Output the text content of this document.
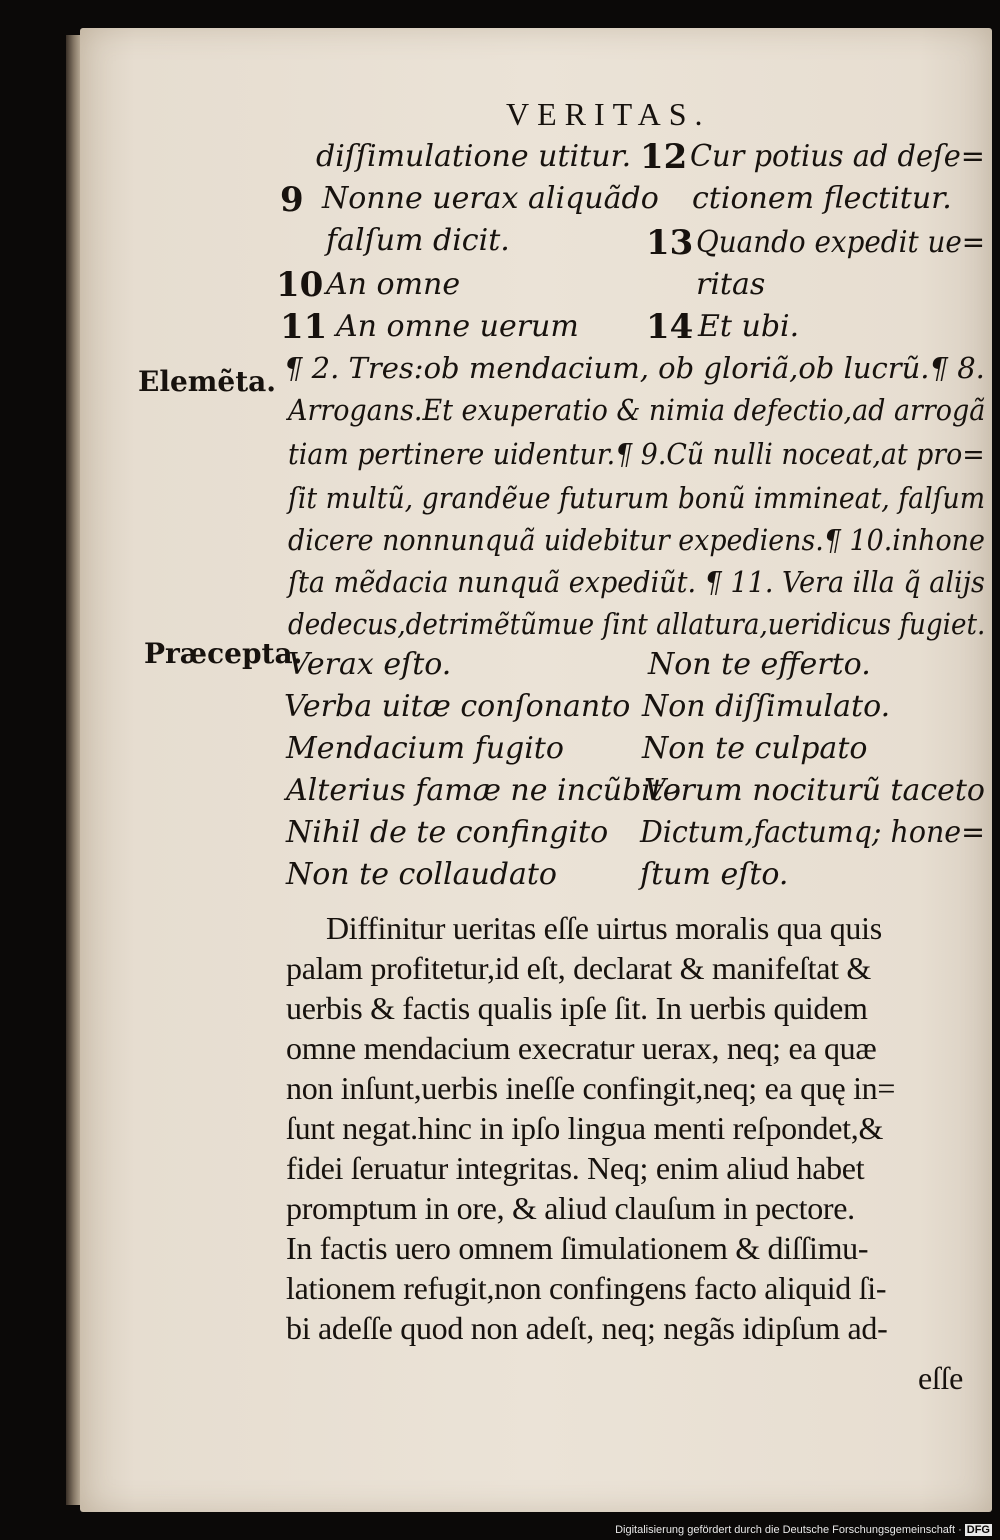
VERITAS.
diſſimulatione utitur.
9 Nonne uerax aliquãdo
falſum dicit.
10 An omne
11 An omne uerum
12 Cur potius ad deſe=
ctionem flectitur.
13 Quando expedit ue=
ritas
14 Et ubi.
Elemẽta. ¶ 2. Tres:ob mendacium, ob gloriã,ob lucrũ.¶ 8.
Arrogans.Et exuperatio & nimia defectio,ad arrogã
tiam pertinere uidentur.¶ 9.Cũ nulli noceat,at pro=
ſit multũ, grandẽue futurum bonũ immineat, falſum
dicere nonnunquã uidebitur expediens.¶ 10.inhone
ſta mẽdacia nunquã expediũt. ¶ 11. Vera illa q̃ alijs
dedecus,detrimẽtũmue ſint allatura,ueridicus fugiet.
Præcepta.
Verax eſto.
Verba uitæ conſonanto
Mendacium fugito
Alterius famæ ne incũbito
Nihil de te confingito
Non te collaudato
Non te efferto.
Non diſſimulato.
Non te culpato
Verum nociturũ taceto
Dictum,factumq; hone=
ſtum eſto.
Diffinitur ueritas eſſe uirtus moralis qua quis
palam profitetur,id eſt, declarat & manifeſtat &
uerbis & factis qualis ipſe ſit. In uerbis quidem
omne mendacium execratur uerax, neq; ea quæ
non inſunt,uerbis ineſſe confingit,neq; ea quę in=
ſunt negat.hinc in ipſo lingua menti reſpondet,&
fidei ſeruatur integritas. Neq; enim aliud habet
promptum in ore, & aliud clauſum in pectore.
In factis uero omnem ſimulationem & diſſimu-
lationem refugit,non confingens facto aliquid ſi-
bi adeſſe quod non adeſt, neq; negãs idipſum ad-
eſſe
Digitalisierung gefördert durch die Deutsche Forschungsgemeinschaft · DFG
